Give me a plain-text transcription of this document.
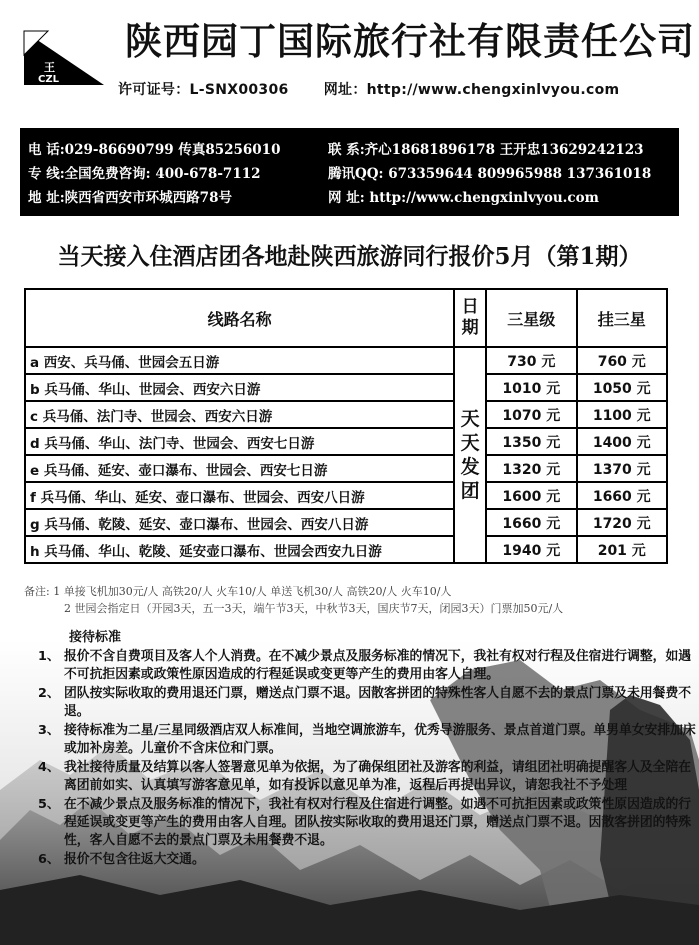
王
CZL
陕西园丁国际旅行社有限责任公司
许可证号：L-SNX00306	网址：http://www.chengxinlvyou.com
电 话:029-86690799 传真85256010	联 系:齐心18681896178 王开忠13629242123
专 线:全国免费咨询: 400-678-7112	腾讯QQ: 673359644 809965988 137361018
地 址:陕西省西安市环城西路78号	网 址: http://www.chengxinlvyou.com
当天接入住酒店团各地赴陕西旅游同行报价5月（第1期）
线路名称	日期	三星级	挂三星
a 西安、兵马俑、世园会五日游	天天发团	730 元	760 元
b 兵马俑、华山、世园会、西安六日游		1010 元	1050 元
c 兵马俑、法门寺、世园会、西安六日游		1070 元	1100 元
d 兵马俑、华山、法门寺、世园会、西安七日游		1350 元	1400 元
e 兵马俑、延安、壶口瀑布、世园会、西安七日游		1320 元	1370 元
f 兵马俑、华山、延安、壶口瀑布、世园会、西安八日游		1600 元	1660 元
g 兵马俑、乾陵、延安、壶口瀑布、世园会、西安八日游		1660 元	1720 元
h 兵马俑、华山、乾陵、延安壶口瀑布、世园会西安九日游		1940 元	201 元
备注: 1 单接飞机加30元/人 高铁20/人 火车10/人 单送飞机30/人 高铁20/人 火车10/人
2 世园会指定日（开园3天，五一3天，端午节3天，中秋节3天，国庆节7天，闭园3天）门票加50元/人
接待标准
1、 报价不含自费项目及客人个人消费。在不减少景点及服务标准的情况下，我社有权对行程及住宿进行调整，如遇不可抗拒因素或政策性原因造成的行程延误或变更等产生的费用由客人自理。
2、 团队按实际收取的费用退还门票，赠送点门票不退。因散客拼团的特殊性客人自愿不去的景点门票及未用餐费不退。
3、 接待标准为二星/三星同级酒店双人标准间，当地空调旅游车，优秀导游服务、景点首道门票。单男单女安排加床或加补房差。儿童价不含床位和门票。
4、 我社接待质量及结算以客人签署意见单为依据，为了确保组团社及游客的利益，请组团社明确提醒客人及全陪在离团前如实、认真填写游客意见单，如有投诉以意见单为准，返程后再提出异议，请恕我社不予处理
5、 在不减少景点及服务标准的情况下，我社有权对行程及住宿进行调整。如遇不可抗拒因素或政策性原因造成的行程延误或变更等产生的费用由客人自理。团队按实际收取的费用退还门票，赠送点门票不退。因散客拼团的特殊性，客人自愿不去的景点门票及未用餐费不退。
6、 报价不包含往返大交通。
